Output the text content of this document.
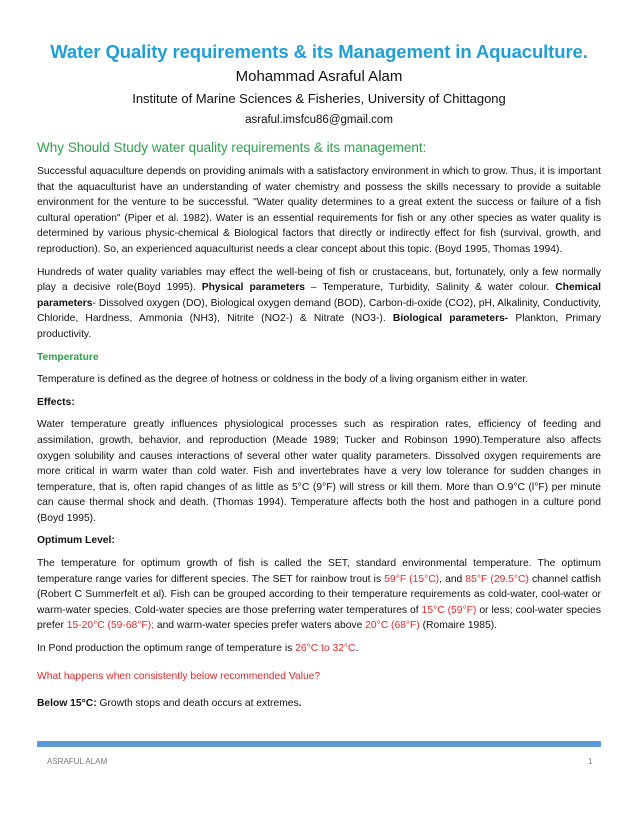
Water Quality requirements & its Management in Aquaculture.
Mohammad Asraful Alam
Institute of Marine Sciences & Fisheries, University of Chittagong
asraful.imsfcu86@gmail.com
Why Should Study water quality requirements & its management:

Successful aquaculture depends on providing animals with a satisfactory environment in which to grow. Thus, it is important that the aquaculturist have an understanding of water chemistry and possess the skills necessary to provide a suitable environment for the venture to be successful. "Water quality determines to a great extent the success or failure of a fish cultural operation" (Piper et al. 1982). Water is an essential requirements for fish or any other species as water quality is determined by various physic-chemical & Biological factors that directly or indirectly effect for fish (survival, growth, and reproduction). So, an experienced aquaculturist needs a clear concept about this topic. (Boyd 1995, Thomas 1994).

Hundreds of water quality variables may effect the well-being of fish or crustaceans, but, fortunately, only a few normally play a decisive role(Boyd 1995). Physical parameters – Temperature, Turbidity, Salinity & water colour. Chemical parameters- Dissolved oxygen (DO), Biological oxygen demand (BOD), Carbon-di-oxide (CO2), pH, Alkalinity, Conductivity, Chloride, Hardness, Ammonia (NH3), Nitrite (NO2-) & Nitrate (NO3-). Biological parameters- Plankton, Primary productivity.

Temperature

Temperature is defined as the degree of hotness or coldness in the body of a living organism either in water.

Effects:

Water temperature greatly influences physiological processes such as respiration rates, efficiency of feeding and assimilation, growth, behavior, and reproduction (Meade 1989; Tucker and Robinson 1990).Temperature also affects oxygen solubility and causes interactions of several other water quality parameters. Dissolved oxygen requirements are more critical in warm water than cold water. Fish and invertebrates have a very low tolerance for sudden changes in temperature, that is, often rapid changes of as little as 5°C (9°F) will stress or kill them. More than O.9°C (l°F) per minute can cause thermal shock and death. (Thomas 1994). Temperature affects both the host and pathogen in a culture pond (Boyd 1995).

Optimum Level:

The temperature for optimum growth of fish is called the SET, standard environmental temperature. The optimum temperature range varies for different species. The SET for rainbow trout is 59°F (15°C), and 85°F (29.5°C) channel catfish (Robert C Summerfelt et al). Fish can be grouped according to their temperature requirements as cold-water, cool-water or warm-water species. Cold-water species are those preferring water temperatures of 15°C (59°F) or less; cool-water species prefer 15-20°C (59-68°F); and warm-water species prefer waters above 20°C (68°F) (Romaire 1985).

In Pond production the optimum range of temperature is 26°C to 32°C.

What happens when consistently below recommended Value?

Below 15°C: Growth stops and death occurs at extremes.

ASRAFUL ALAM	1
